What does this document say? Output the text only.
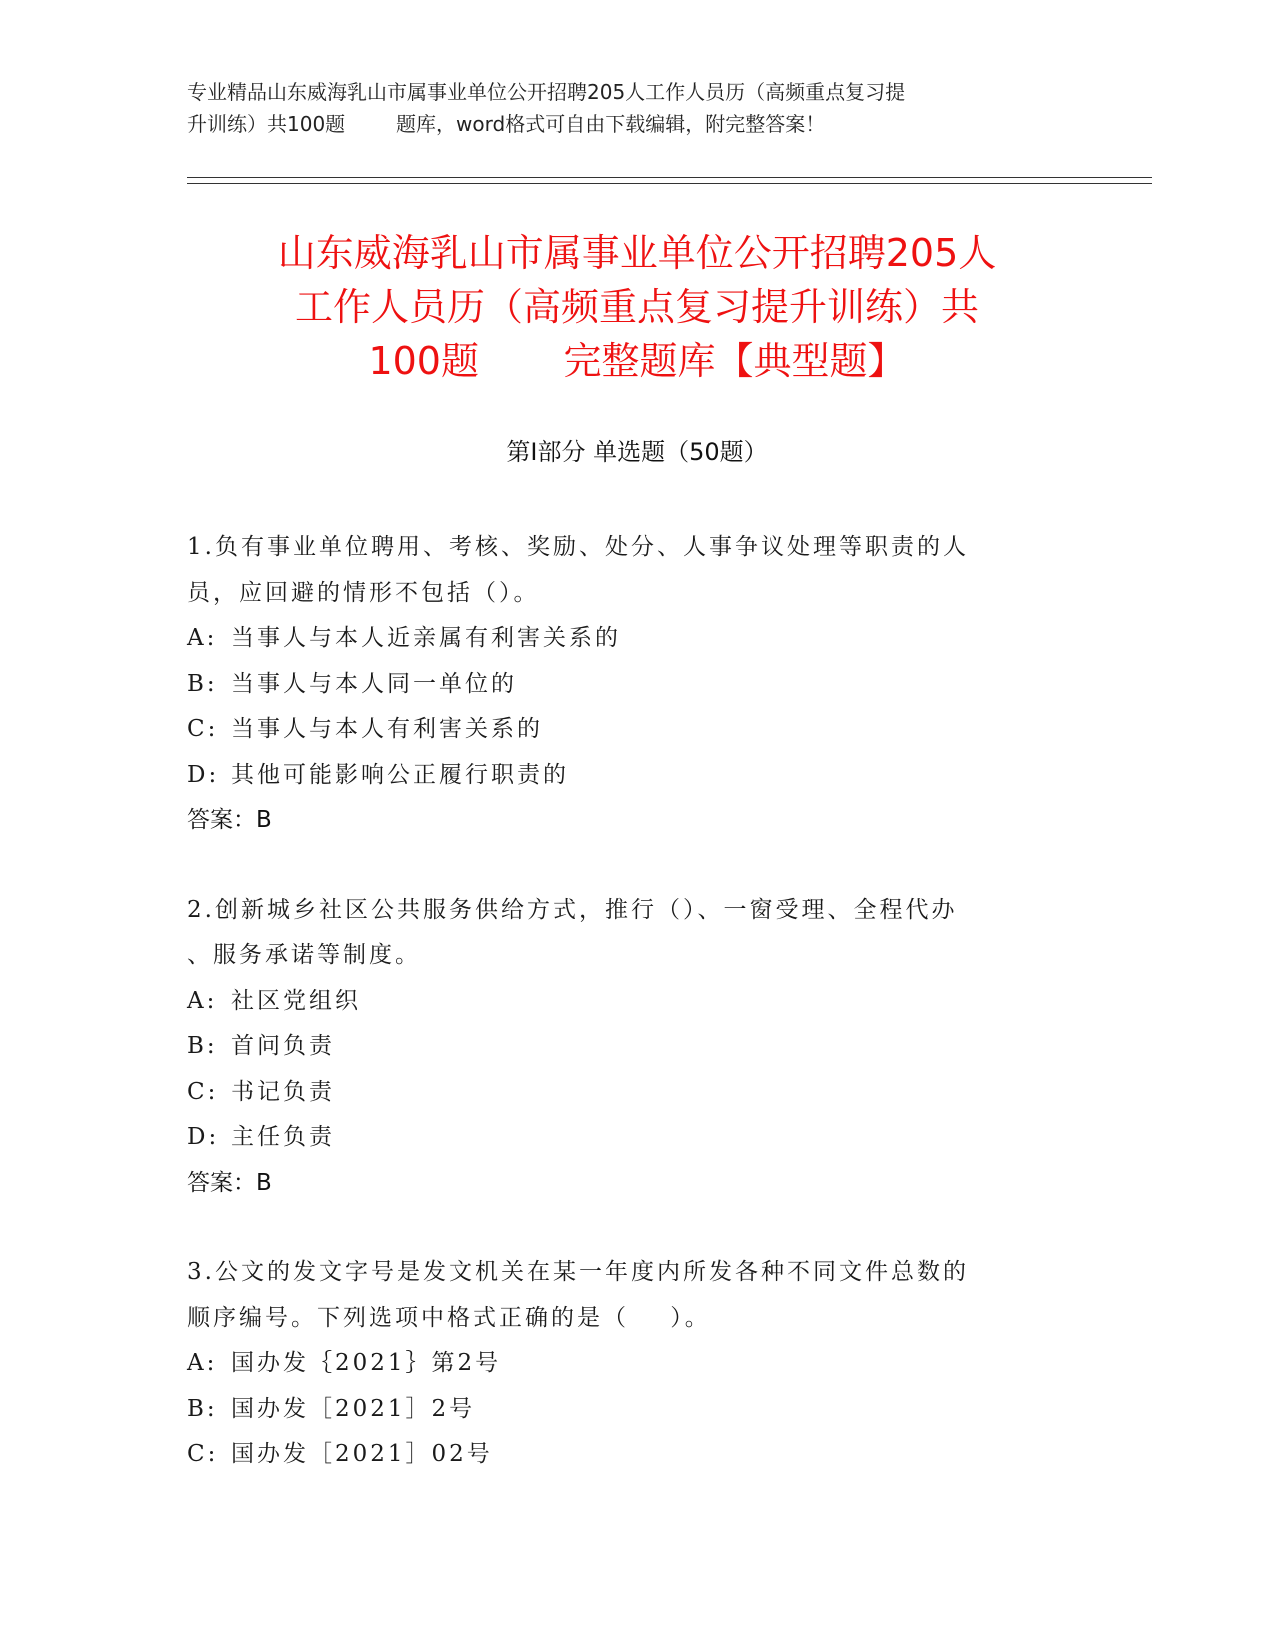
专业精品山东威海乳山市属事业单位公开招聘205人工作人员历（高频重点复习提
升训练）共100题        题库，word格式可自由下载编辑，附完整答案！
山东威海乳山市属事业单位公开招聘205人
工作人员历（高频重点复习提升训练）共
100题       完整题库【典型题】
第Ⅰ部分 单选题（50题）
1.负有事业单位聘用、考核、奖励、处分、人事争议处理等职责的人
员，应回避的情形不包括（）。
A: 当事人与本人近亲属有利害关系的
B: 当事人与本人同一单位的
C: 当事人与本人有利害关系的
D: 其他可能影响公正履行职责的
答案：B
2.创新城乡社区公共服务供给方式，推行（）、一窗受理、全程代办
、服务承诺等制度。
A: 社区党组织
B: 首问负责
C: 书记负责
D: 主任负责
答案：B
3.公文的发文字号是发文机关在某一年度内所发各种不同文件总数的
顺序编号。下列选项中格式正确的是（    ）。
A: 国办发｛2021｝第2号
B: 国办发［2021］2号
C: 国办发［2021］02号
